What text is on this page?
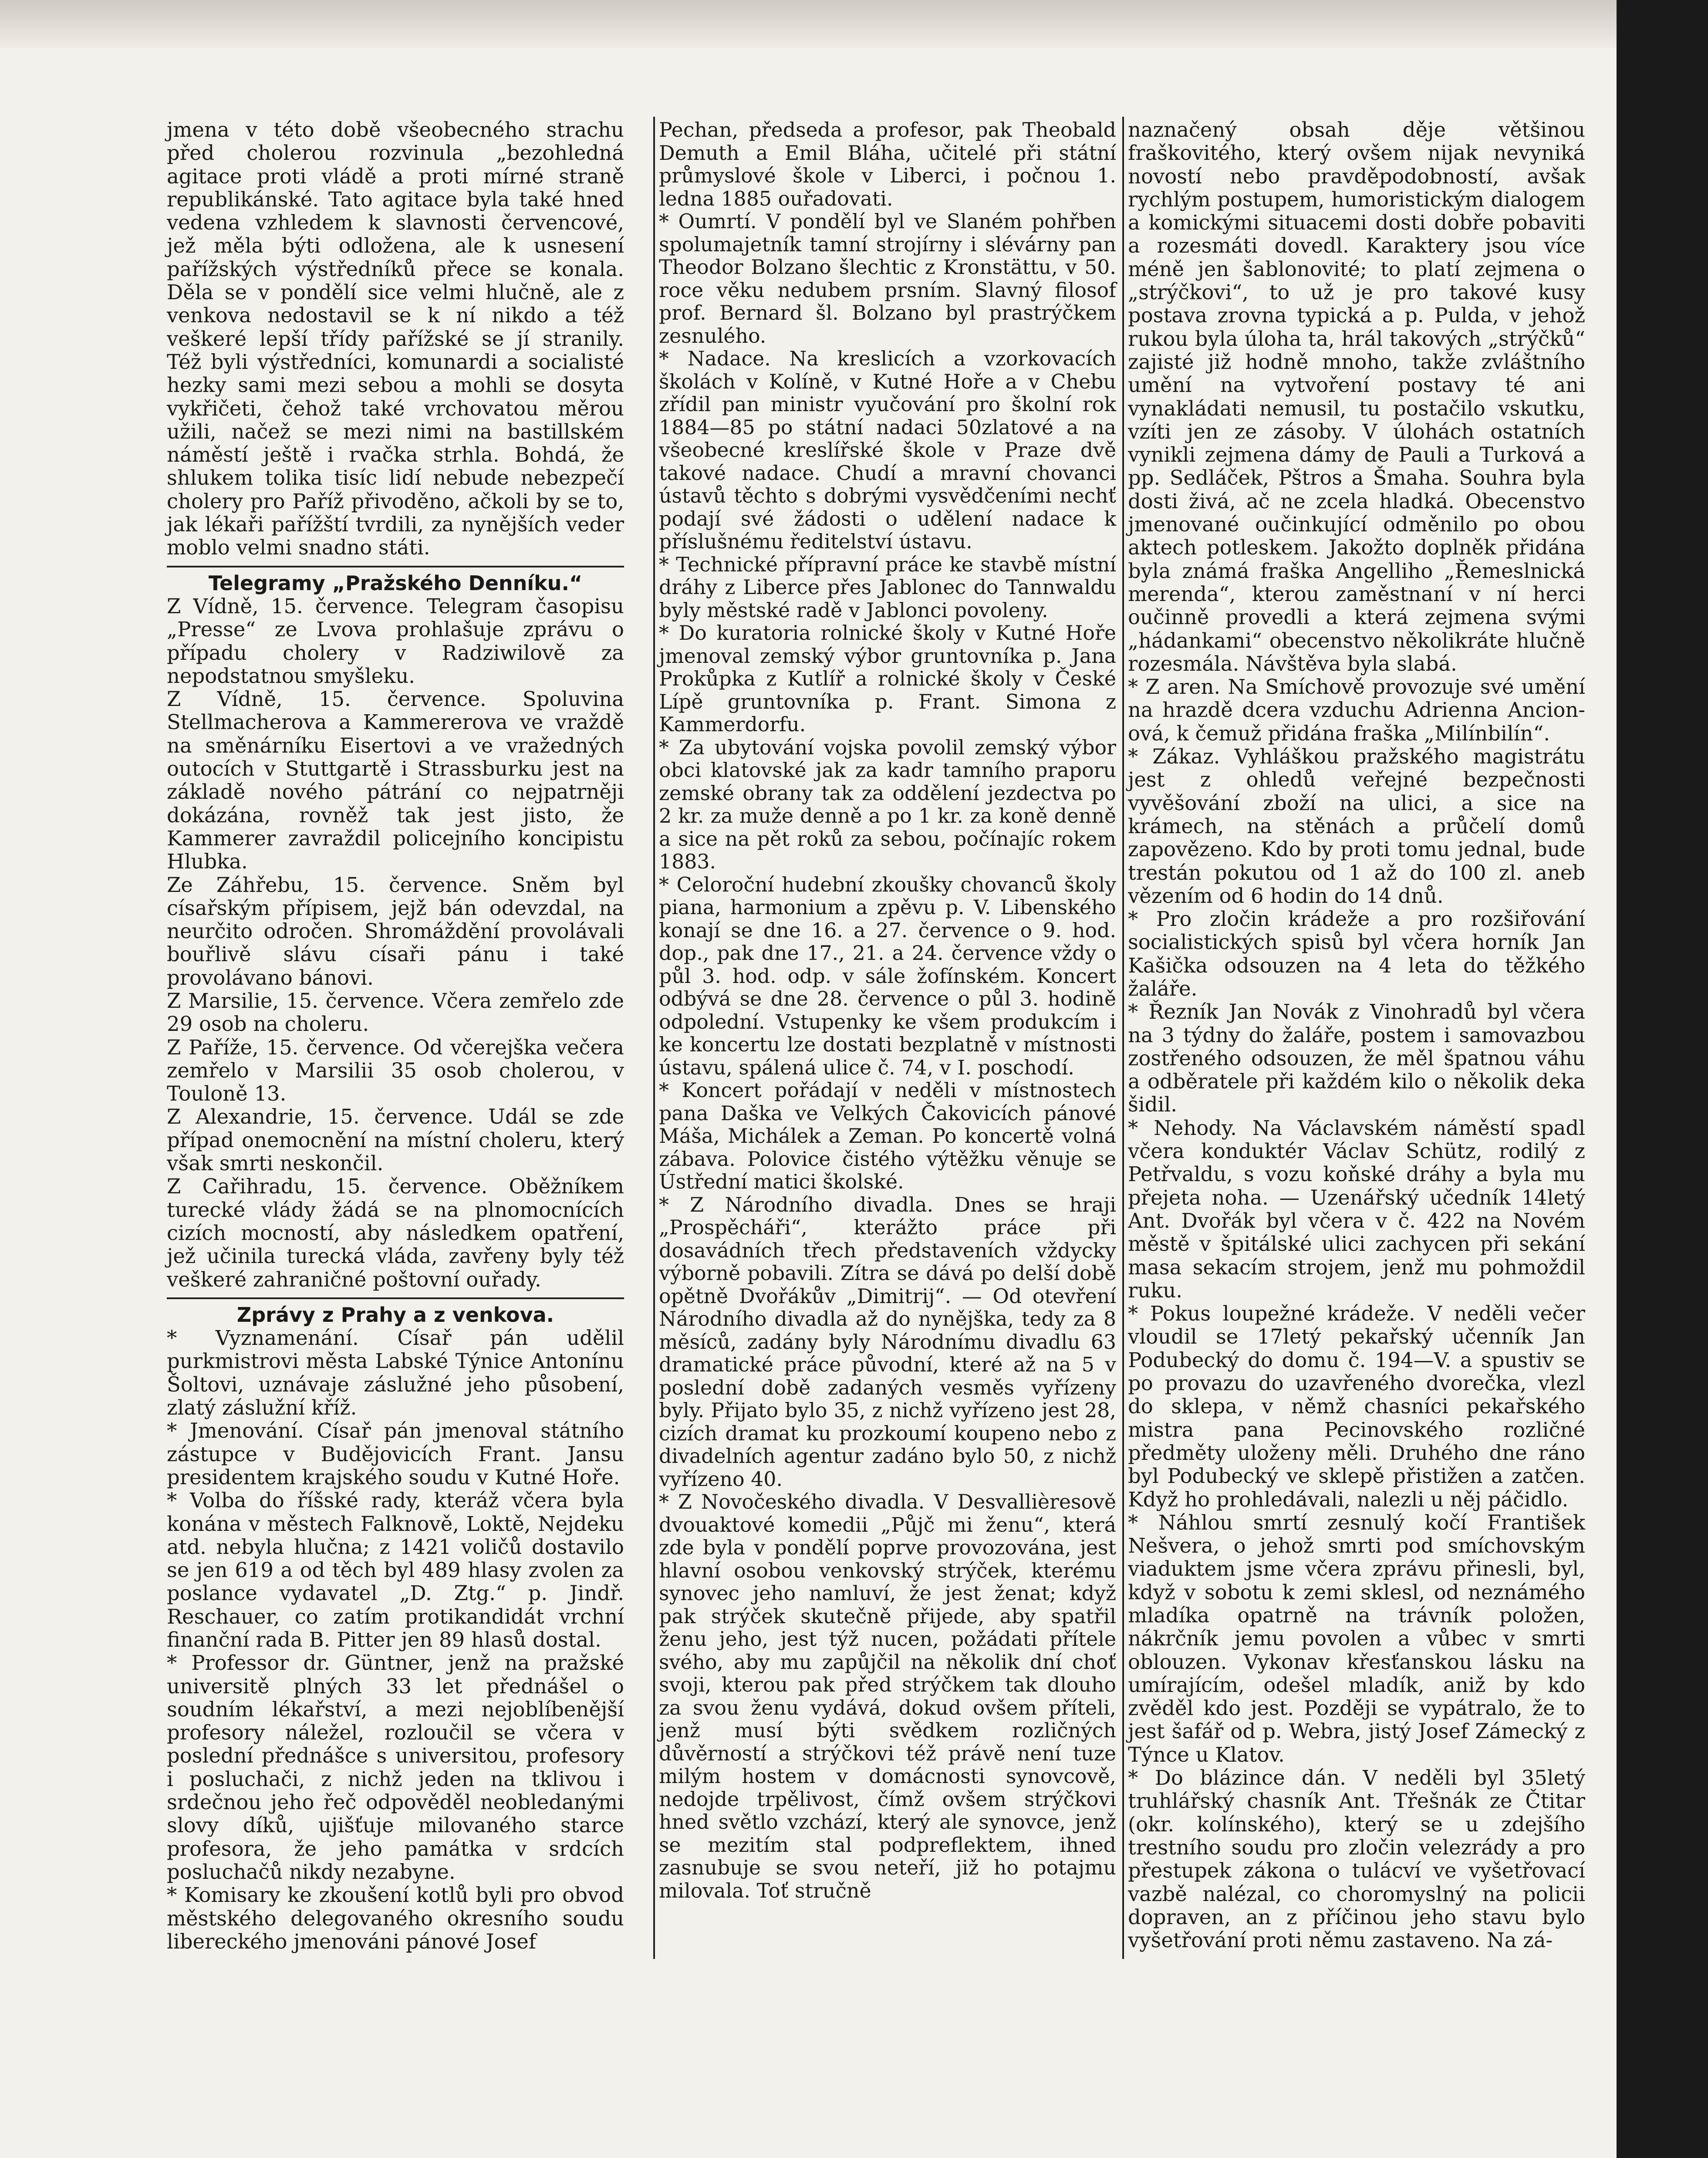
jmena v této době všeobecného strachu před cholerou rozvinula „bezohledná agitace proti vládě a proti mírné straně republikánské. Tato agitace byla také hned vedena vzhledem k slavnosti červencové, jež měla býti odložena, ale k usnesení pařížských výstředníků přece se konala. Děla se v pondělí sice velmi hlučně, ale z venkova nedostavil se k ní nikdo a též veškeré lepší třídy pařížské se jí stranily. Též byli výstředníci, komunardi a socialisté hezky sami mezi sebou a mohli se dosyta vykřičeti, čehož také vrchovatou měrou užili, načež se mezi nimi na bastillském náměstí ještě i rvačka strhla. Bohdá, že shlukem tolika tisíc lidí nebude nebezpečí cholery pro Paříž přivoděno, ačkoli by se to, jak lékaři pařížští tvrdili, za nynějších veder moblo velmi snadno státi.

Telegramy „Pražského Denníku.“

Z Vídně, 15. července. Telegram časopisu „Presse“ ze Lvova prohlašuje zprávu o případu cholery v Radziwilově za nepodstatnou smyšleku.

Z Vídně, 15. července. Spoluvina Stellmacherova a Kammererova ve vraždě na směnárníku Eisertovi a ve vražedných outocích v Stuttgartě i Strassburku jest na základě nového pátrání co nejpatrněji dokázána, rovněž tak jest jisto, že Kammerer zavraždil policejního koncipistu Hlubka.

Ze Záhřebu, 15. července. Sněm byl císařským přípisem, jejž bán odevzdal, na neurčito odročen. Shromáždění provolávali bouřlivě slávu císaři pánu i také provolávano bánovi.

Z Marsilie, 15. července. Včera zemřelo zde 29 osob na choleru.

Z Paříže, 15. července. Od včerejška večera zemřelo v Marsilii 35 osob cholerou, v Touloně 13.

Z Alexandrie, 15. července. Udál se zde případ onemocnění na místní choleru, který však smrti neskončil.

Z Cařihradu, 15. července. Oběžníkem turecké vlády žádá se na plnomocnících cizích mocností, aby následkem opatření, jež učinila turecká vláda, zavřeny byly též veškeré zahraničné poštovní ouřady.

Zprávy z Prahy a z venkova.

* Vyznamenání. Císař pán udělil purkmistrovi města Labské Týnice Antonínu Šoltovi, uznávaje záslužné jeho působení, zlatý záslužní kříž.

* Jmenování. Císař pán jmenoval státního zástupce v Budějovicích Frant. Jansu presidentem krajského soudu v Kutné Hoře.

* Volba do říšské rady, kteráž včera byla konána v městech Falknově, Loktě, Nejdeku atd. nebyla hlučna; z 1421 voličů dostavilo se jen 619 a od těch byl 489 hlasy zvolen za poslance vydavatel „D. Ztg.“ p. Jindř. Reschauer, co zatím protikandidát vrchní finanční rada B. Pitter jen 89 hlasů dostal.

* Professor dr. Güntner, jenž na pražské universitě plných 33 let přednášel o soudním lékařství, a mezi nejoblíbenější profesory náležel, rozloučil se včera v poslední přednášce s universitou, profesory i posluchači, z nichž jeden na tklivou i srdečnou jeho řeč odpověděl neobledanými slovy díků, ujišťuje milovaného starce profesora, že jeho památka v srdcích posluchačů nikdy nezabyne.

* Komisary ke zkoušení kotlů byli pro obvod městského delegovaného okresního soudu libereckého jmenováni pánové Josef

Pechan, předseda a profesor, pak Theobald Demuth a Emil Bláha, učitelé při státní průmyslové škole v Liberci, i počnou 1. ledna 1885 ouřadovati.

* Oumrtí. V pondělí byl ve Slaném pohřben spolumajetník tamní strojírny i slévárny pan Theodor Bolzano šlechtic z Kronstättu, v 50. roce věku nedubem prsním. Slavný filosof prof. Bernard šl. Bolzano byl prastrýčkem zesnulého.

* Nadace. Na kreslicích a vzorkovacích školách v Kolíně, v Kutné Hoře a v Chebu zřídil pan ministr vyučování pro školní rok 1884—85 po státní nadaci 50zlatové a na všeobecné kreslířské škole v Praze dvě takové nadace. Chudí a mravní chovanci ústavů těchto s dobrými vysvědčeními nechť podají své žádosti o udělení nadace k příslušnému ředitelství ústavu.

* Technické přípravní práce ke stavbě místní dráhy z Liberce přes Jablonec do Tannwaldu byly městské radě v Jablonci povoleny.

* Do kuratoria rolnické školy v Kutné Hoře jmenoval zemský výbor gruntovníka p. Jana Prokůpka z Kutlíř a rolnické školy v České Lípě gruntovníka p. Frant. Simona z Kammerdorfu.

* Za ubytování vojska povolil zemský výbor obci klatovské jak za kadr tamního praporu zemské obrany tak za oddělení jezdectva po 2 kr. za muže denně a po 1 kr. za koně denně a sice na pět roků za sebou, počínajíc rokem 1883.

* Celoroční hudební zkoušky chovanců školy piana, harmonium a zpěvu p. V. Libenského konají se dne 16. a 27. července o 9. hod. dop., pak dne 17., 21. a 24. července vždy o půl 3. hod. odp. v sále žofínském. Koncert odbývá se dne 28. července o půl 3. hodině odpolední. Vstupenky ke všem produkcím i ke koncertu lze dostati bezplatně v místnosti ústavu, spálená ulice č. 74, v I. poschodí.

* Koncert pořádají v neděli v místnostech pana Daška ve Velkých Čakovicích pánové Máša, Michálek a Zeman. Po koncertě volná zábava. Polovice čistého výtěžku věnuje se Ústřední matici školské.

* Z Národního divadla. Dnes se hraji „Prospěcháři“, kterážto práce při dosavádních třech představeních vždycky výborně pobavili. Zítra se dává po delší době opětně Dvořákův „Dimitrij“. — Od otevření Národního divadla až do nynějška, tedy za 8 měsíců, zadány byly Národnímu divadlu 63 dramatické práce původní, které až na 5 v poslední době zadaných vesměs vyřízeny byly. Přijato bylo 35, z nichž vyřízeno jest 28, cizích dramat ku prozkoumí koupeno nebo z divadelních agentur zadáno bylo 50, z nichž vyřízeno 40.

* Z Novočeského divadla. V Desvallièresově dvouaktové komedii „Půjč mi ženu“, která zde byla v pondělí poprve provozována, jest hlavní osobou venkovský strýček, kterému synovec jeho namluví, že jest ženat; když pak strýček skutečně přijede, aby spatřil ženu jeho, jest týž nucen, požádati přítele svého, aby mu zapůjčil na několik dní choť svoji, kterou pak před strýčkem tak dlouho za svou ženu vydává, dokud ovšem příteli, jenž musí býti svědkem rozličných důvěrností a strýčkovi též právě není tuze milým hostem v domácnosti synovcově, nedojde trpělivost, čímž ovšem strýčkovi hned světlo vzchází, který ale synovce, jenž se mezitím stal podpreflektem, ihned zasnubuje se svou neteří, již ho potajmu milovala. Toť stručně

naznačený obsah děje většinou fraškovitého, který ovšem nijak nevyniká novostí nebo pravděpodobností, avšak rychlým postupem, humoristickým dialogem a komickými situacemi dosti dobře pobaviti a rozesmáti dovedl. Karaktery jsou více méně jen šablonovité; to platí zejmena o „strýčkovi“, to už je pro takové kusy postava zrovna typická a p. Pulda, v jehož rukou byla úloha ta, hrál takových „strýčků“ zajisté již hodně mnoho, takže zvláštního umění na vytvoření postavy té ani vynakládati nemusil, tu postačilo vskutku, vzíti jen ze zásoby. V úlohách ostatních vynikli zejmena dámy de Pauli a Turková a pp. Sedláček, Pštros a Šmaha. Souhra byla dosti živá, ač ne zcela hladká. Obecenstvo jmenované oučinkující odměnilo po obou aktech potleskem. Jakožto doplněk přidána byla známá fraška Angelliho „Řemeslnická merenda“, kterou zaměstnaní v ní herci oučinně provedli a která zejmena svými „hádankami“ obecenstvo několikráte hlučně rozesmála. Návštěva byla slabá.

* Z aren. Na Smíchově provozuje své umění na hrazdě dcera vzduchu Adrienna Ancion-ová, k čemuž přidána fraška „Milínbilín“.

* Zákaz. Vyhláškou pražského magistrátu jest z ohledů veřejné bezpečnosti vyvěšování zboží na ulici, a sice na krámech, na stěnách a průčelí domů zapovězeno. Kdo by proti tomu jednal, bude trestán pokutou od 1 až do 100 zl. aneb vězením od 6 hodin do 14 dnů.

* Pro zločin krádeže a pro rozšiřování socialistických spisů byl včera horník Jan Kašička odsouzen na 4 leta do těžkého žaláře.

* Řezník Jan Novák z Vinohradů byl včera na 3 týdny do žaláře, postem i samovazbou zostřeného odsouzen, že měl špatnou váhu a odběratele při každém kilo o několik deka šidil.

* Nehody. Na Václavském náměstí spadl včera konduktér Václav Schütz, rodilý z Petřvaldu, s vozu koňské dráhy a byla mu přejeta noha. — Uzenářský učedník 14letý Ant. Dvořák byl včera v č. 422 na Novém městě v špitálské ulici zachycen při sekání masa sekacím strojem, jenž mu pohmoždil ruku.

* Pokus loupežné krádeže. V neděli večer vloudil se 17letý pekařský učenník Jan Podubecký do domu č. 194—V. a spustiv se po provazu do uzavřeného dvorečka, vlezl do sklepa, v němž chasníci pekařského mistra pana Pecinovského rozličné předměty uloženy měli. Druhého dne ráno byl Podubecký ve sklepě přistižen a zatčen. Když ho prohledávali, nalezli u něj páčidlo.

* Náhlou smrtí zesnulý kočí František Nešvera, o jehož smrti pod smíchovským viaduktem jsme včera zprávu přinesli, byl, když v sobotu k zemi sklesl, od neznámého mladíka opatrně na trávník položen, nákrčník jemu povolen a vůbec v smrti oblouzen. Vykonav křesťanskou lásku na umírajícím, odešel mladík, aniž by kdo zvěděl kdo jest. Později se vypátralo, že to jest šafář od p. Webra, jistý Josef Zámecký z Týnce u Klatov.

* Do blázince dán. V neděli byl 35letý truhlářský chasník Ant. Třešnák ze Čtitar (okr. kolínského), který se u zdejšího trestního soudu pro zločin velezrády a pro přestupek zákona o tulácví ve vyšetřovací vazbě nalézal, co choromyslný na policii dopraven, an z příčinou jeho stavu bylo vyšetřování proti němu zastaveno. Na zá-
